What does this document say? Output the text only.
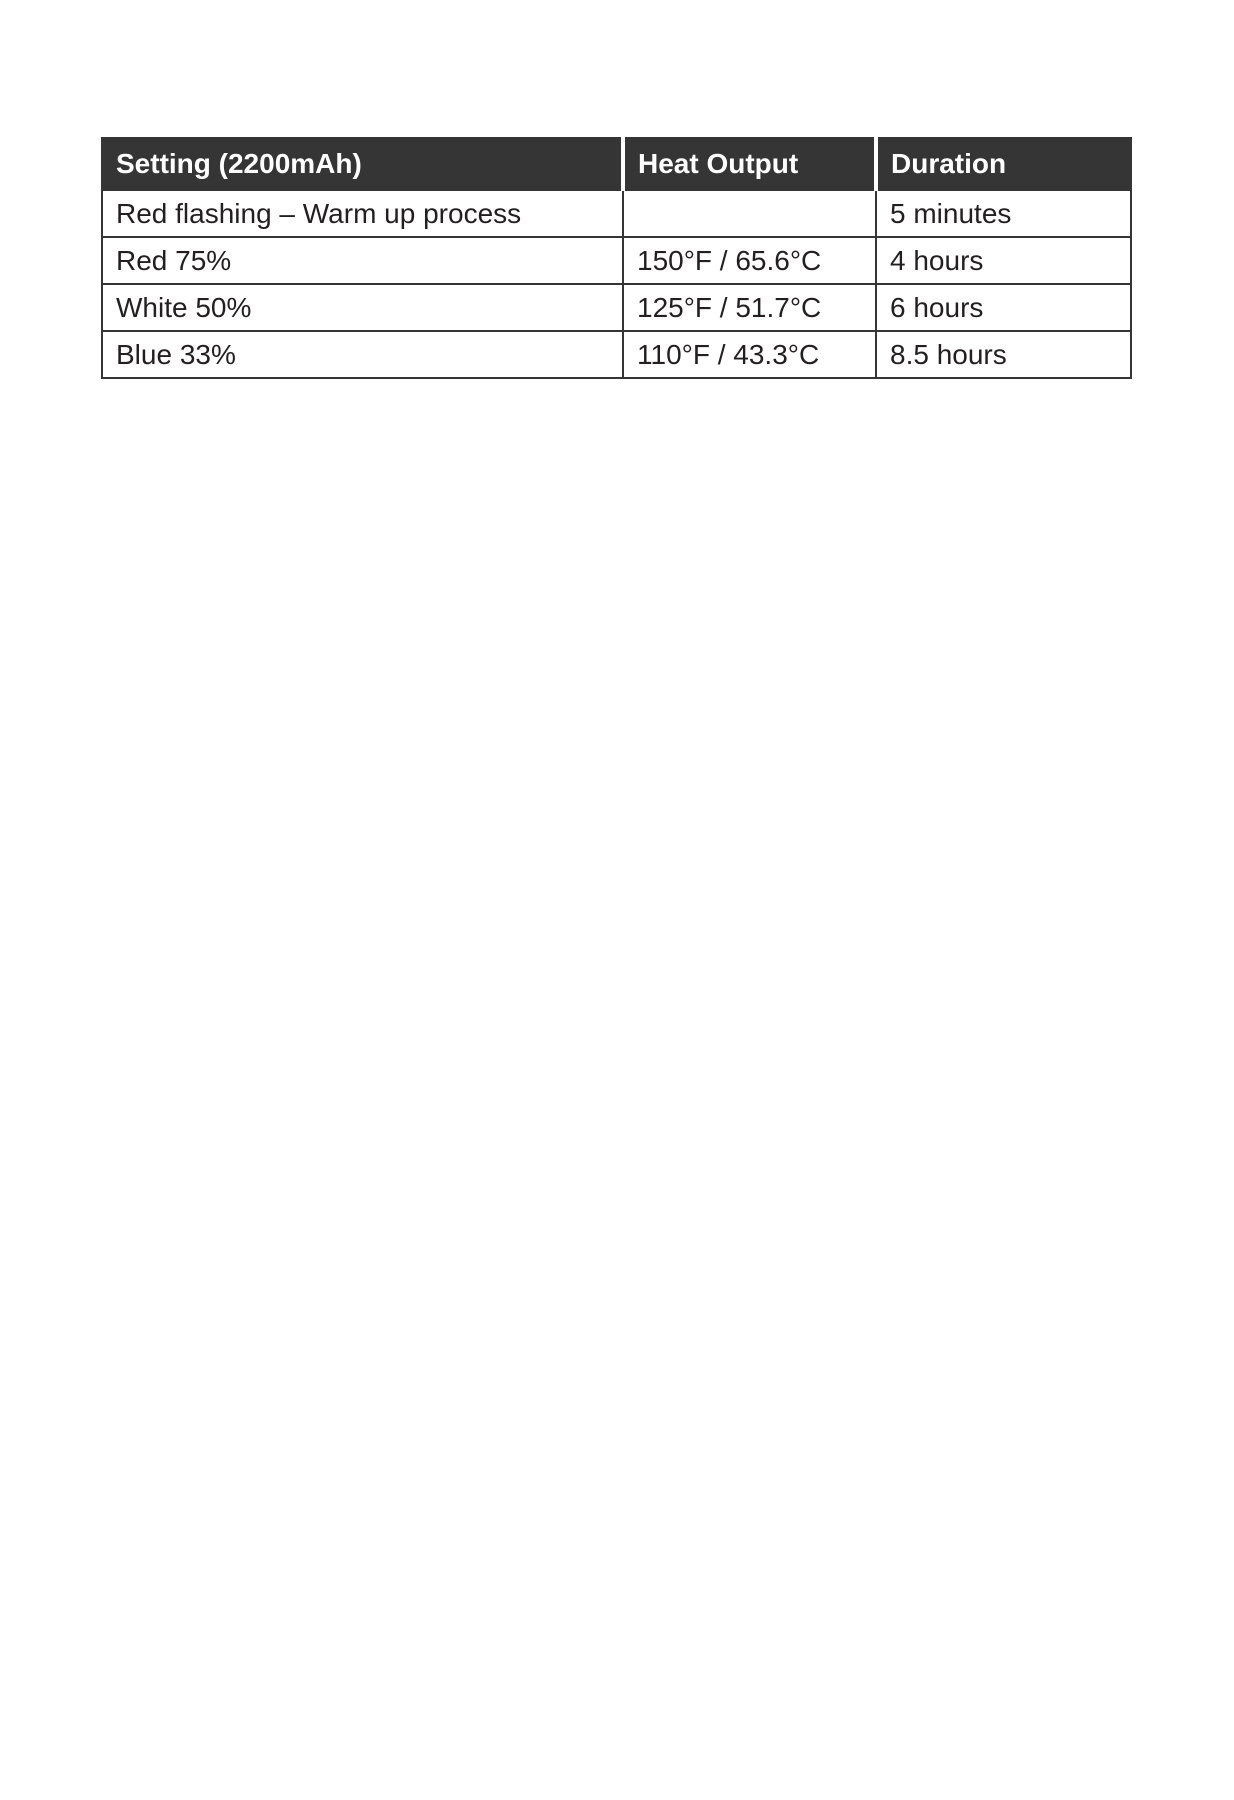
Setting (2200mAh)	Heat Output	Duration
Red flashing – Warm up process		5 minutes
Red 75%	150°F / 65.6°C	4 hours
White 50%	125°F / 51.7°C	6 hours
Blue 33%	110°F / 43.3°C	8.5 hours
